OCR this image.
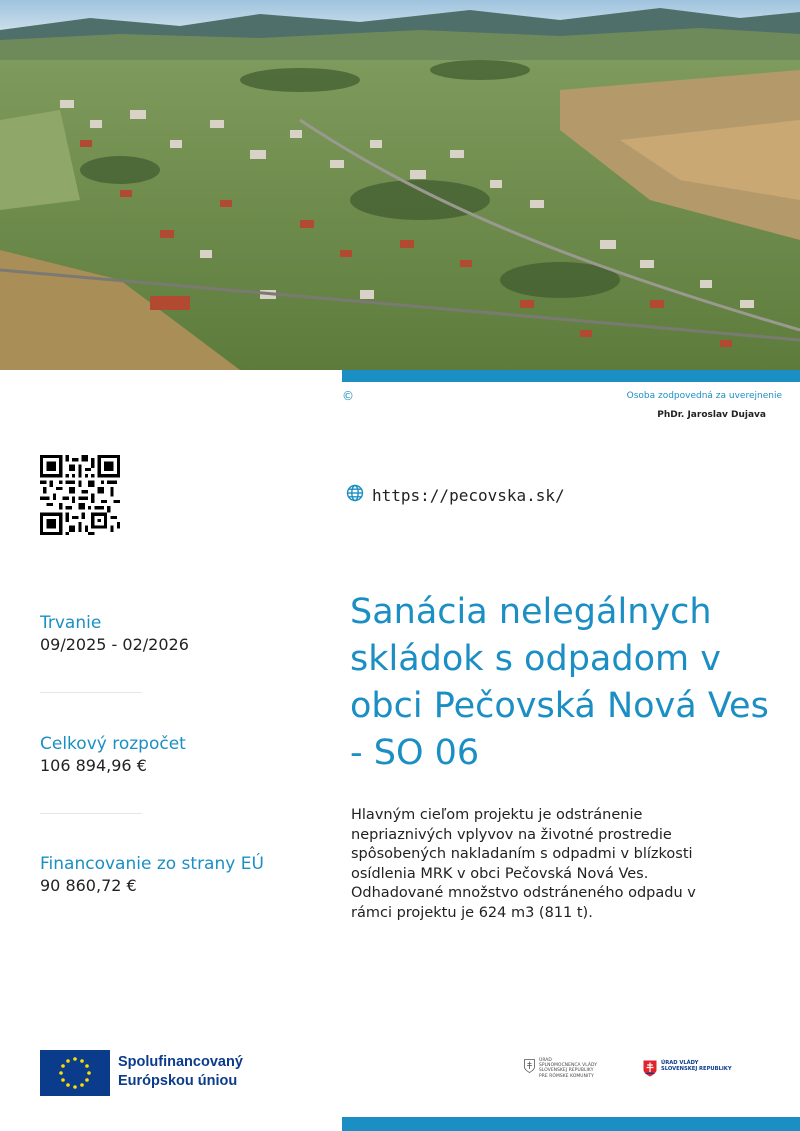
©	Osoba zodpovedná za uverejnenie
PhDr. Jaroslav Dujava
https://pecovska.sk/
Trvanie
09/2025 - 02/2026
Celkový rozpočet
106 894,96 €
Financovanie zo strany EÚ
90 860,72 €
Sanácia nelegálnych skládok s odpadom v obci Pečovská Nová Ves - SO 06

Hlavným cieľom projektu je odstránenie nepriaznivých vplyvov na životné prostredie spôsobených nakladaním s odpadmi v blízkosti osídlenia MRK v obci Pečovská Nová Ves. Odhadované množstvo odstráneného odpadu v rámci projektu je 624 m3 (811 t).

Spolufinancovaný
Európskou úniou
ÚRAD
SPLNOMOCNENCA VLÁDY
SLOVENSKEJ REPUBLIKY
PRE RÓMSKE KOMUNITY
ÚRAD VLÁDY
SLOVENSKEJ REPUBLIKY
